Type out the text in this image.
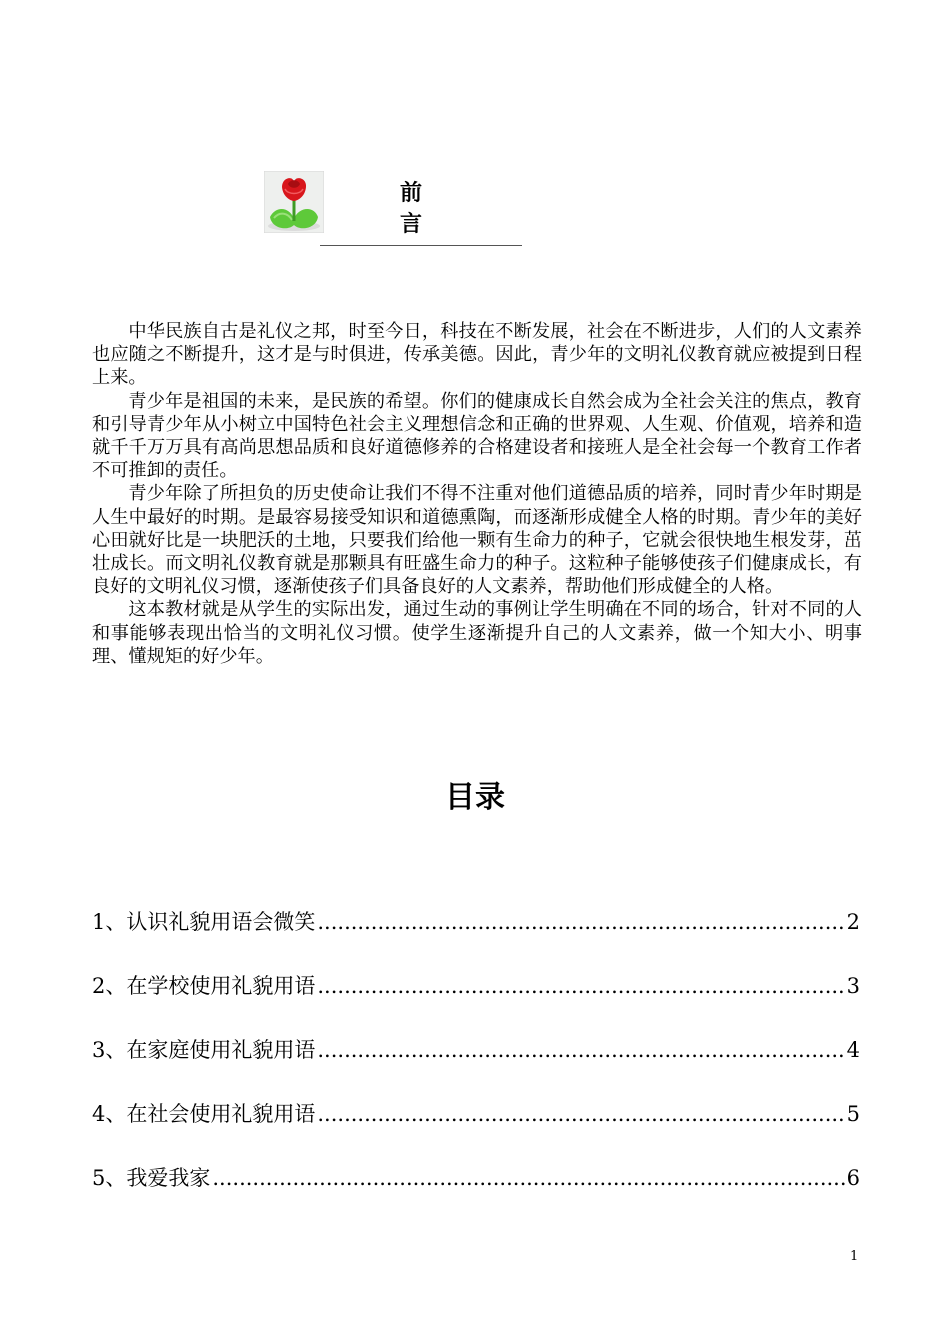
前 言

中华民族自古是礼仪之邦，时至今日，科技在不断发展，社会在不断进步，人们的人文素养也应随之不断提升，这才是与时俱进，传承美德。因此，青少年的文明礼仪教育就应被提到日程上来。

青少年是祖国的未来，是民族的希望。你们的健康成长自然会成为全社会关注的焦点，教育和引导青少年从小树立中国特色社会主义理想信念和正确的世界观、人生观、价值观，培养和造就千千万万具有高尚思想品质和良好道德修养的合格建设者和接班人是全社会每一个教育工作者不可推卸的责任。

青少年除了所担负的历史使命让我们不得不注重对他们道德品质的培养，同时青少年时期是人生中最好的时期。是最容易接受知识和道德熏陶，而逐渐形成健全人格的时期。青少年的美好心田就好比是一块肥沃的土地，只要我们给他一颗有生命力的种子，它就会很快地生根发芽，茁壮成长。而文明礼仪教育就是那颗具有旺盛生命力的种子。这粒种子能够使孩子们健康成长，有良好的文明礼仪习惯，逐渐使孩子们具备良好的人文素养，帮助他们形成健全的人格。

这本教材就是从学生的实际出发，通过生动的事例让学生明确在不同的场合，针对不同的人和事能够表现出恰当的文明礼仪习惯。使学生逐渐提升自己的人文素养，做一个知大小、明事理、懂规矩的好少年。

目录
1、认识礼貌用语会微笑 .....	2
2、在学校使用礼貌用语 .....	3
3、在家庭使用礼貌用语 .....	4
4、在社会使用礼貌用语 .....	5
5、我爱我家 .....	6
1
